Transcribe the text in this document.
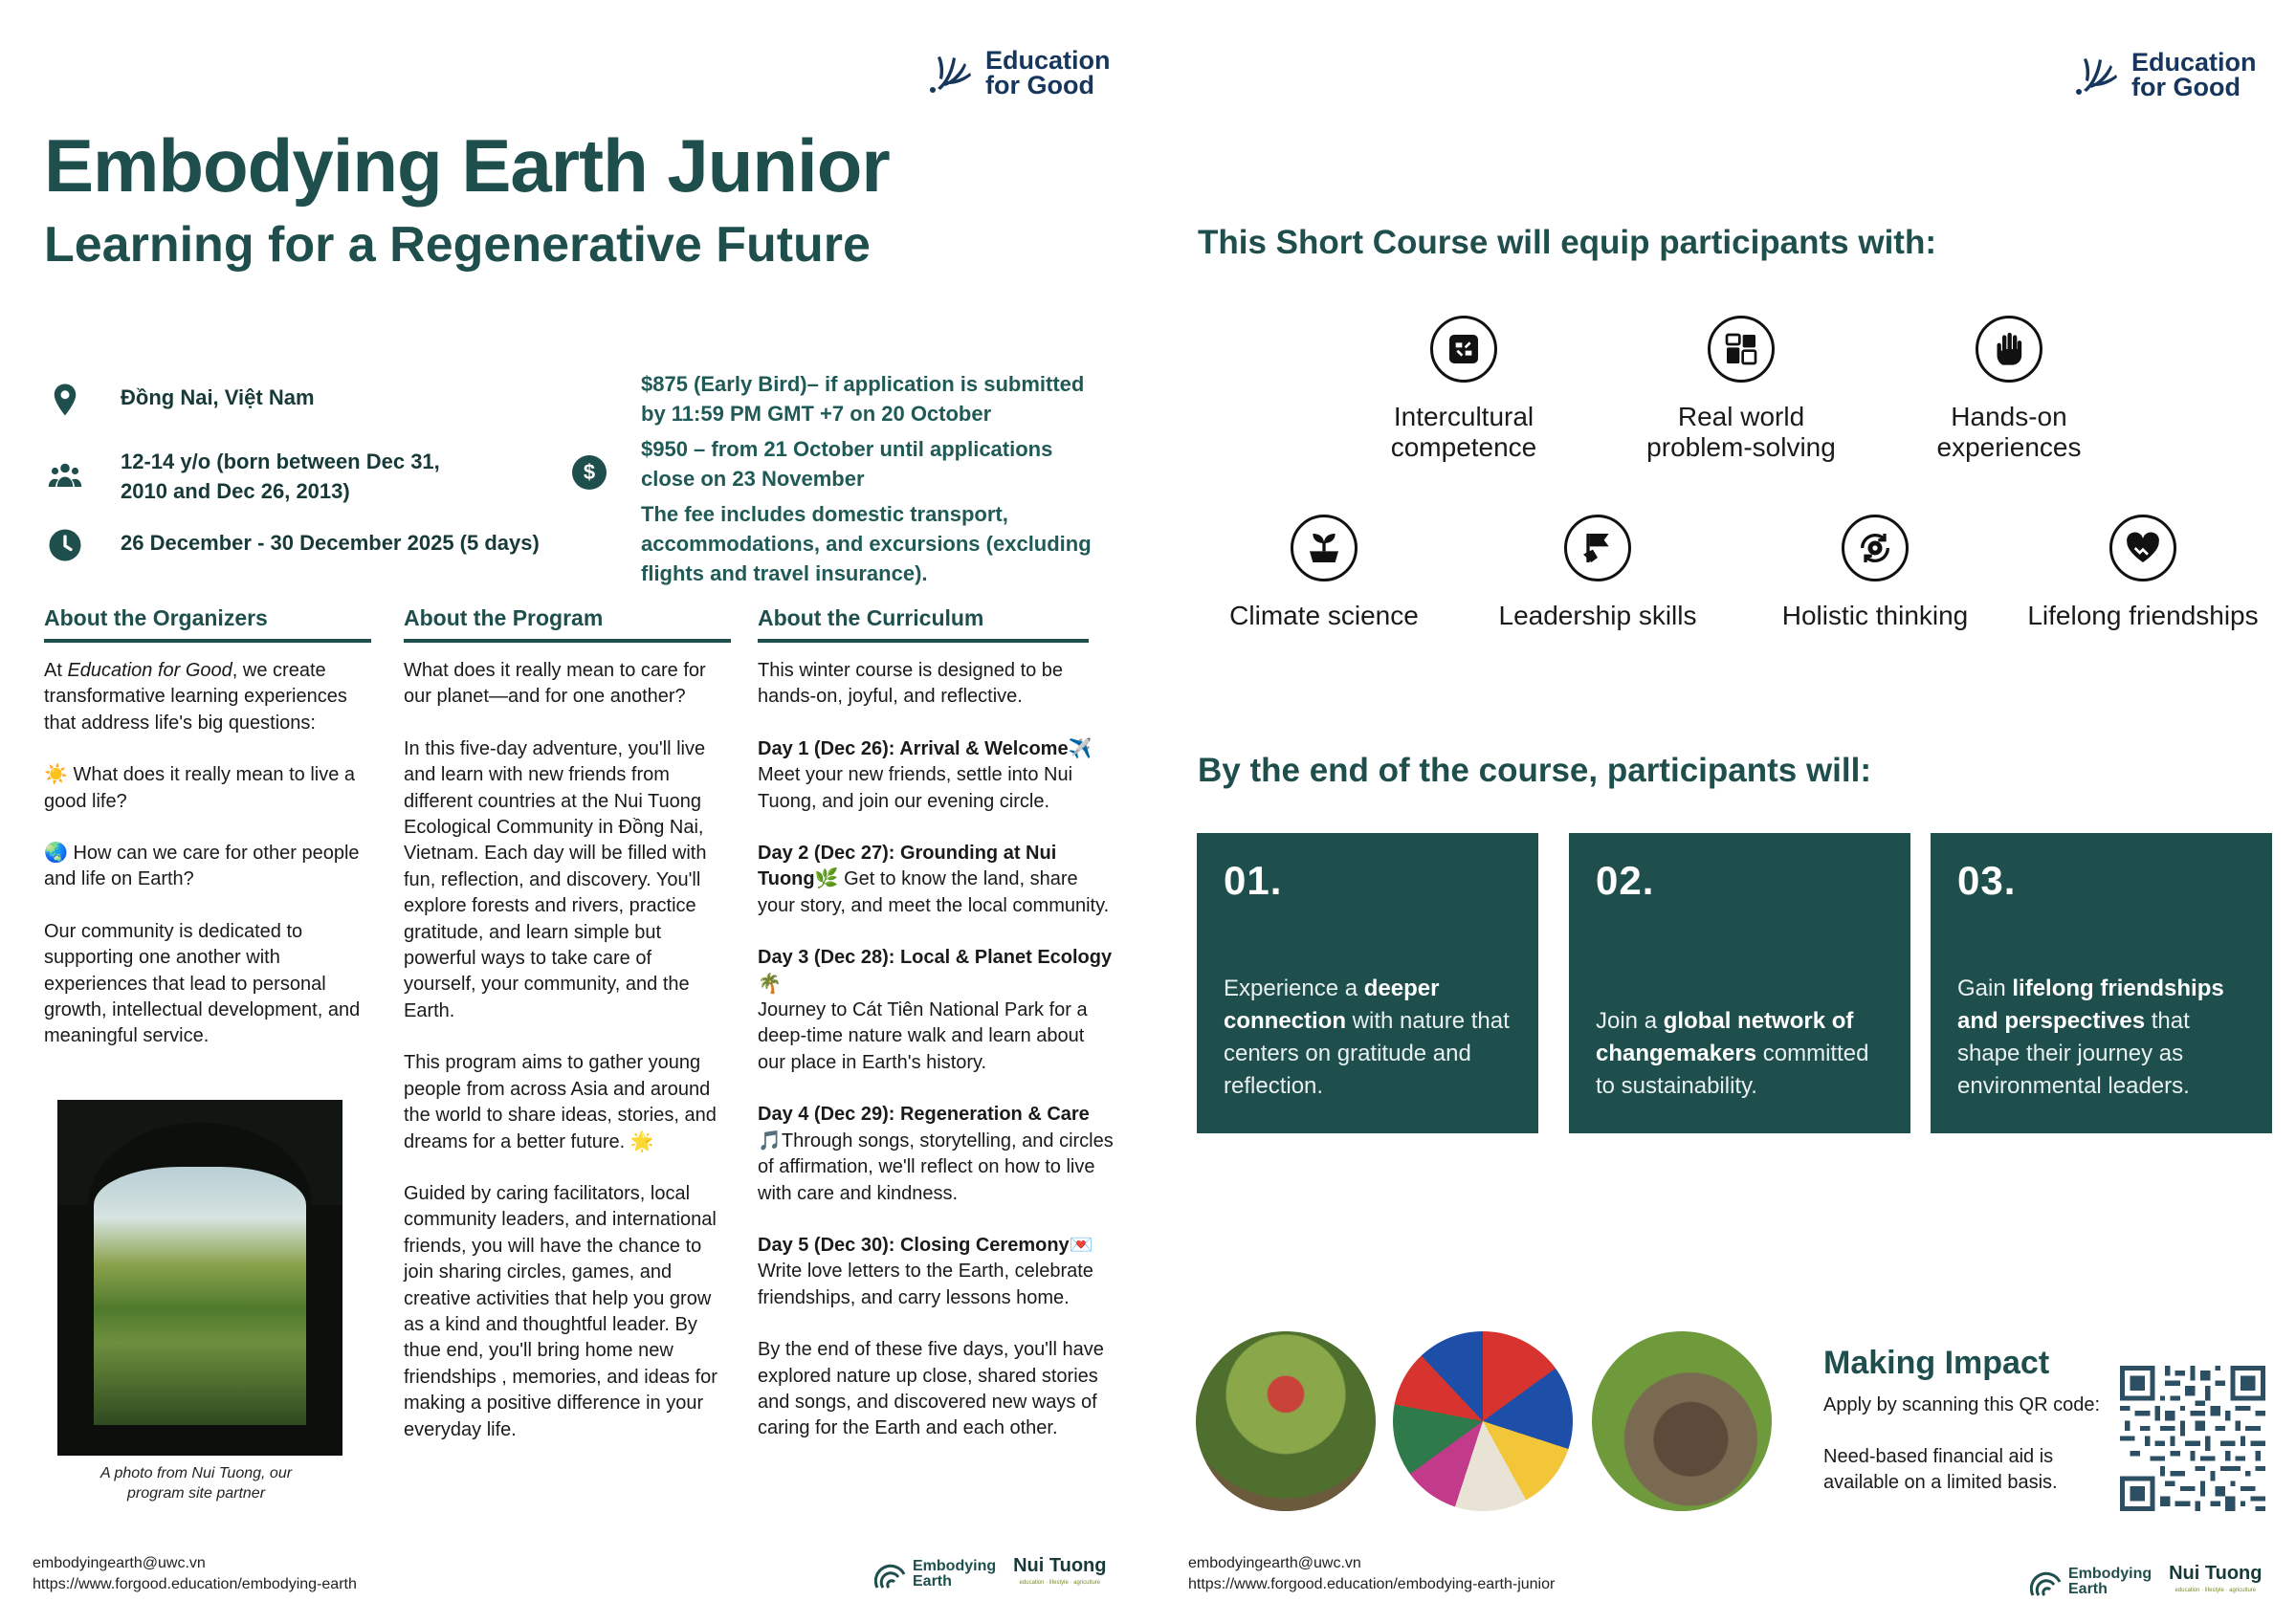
Education
for Good
Embodying Earth Junior
Learning for a Regenerative Future
Đồng Nai, Việt Nam
12-14 y/o (born between Dec 31, 2010 and Dec 26, 2013)
26 December - 30 December 2025 (5 days)
$

$875 (Early Bird)– if application is submitted by 11:59 PM GMT +7 on 20 October

$950 – from 21 October until applications close on 23 November

The fee includes domestic transport, accommodations, and excursions (excluding flights and travel insurance).

About the Organizers

At Education for Good, we create transformative learning experiences that address life's big questions:

☀️ What does it really mean to live a good life?

🌏 How can we care for other people and life on Earth?

Our community is dedicated to supporting one another with experiences that lead to personal growth, intellectual development, and meaningful service.

A photo from Nui Tuong, our program site partner
About the Program

What does it really mean to care for our planet—and for one another?

In this five-day adventure, you'll live and learn with new friends from different countries at the Nui Tuong Ecological Community in Đồng Nai, Vietnam. Each day will be filled with fun, reflection, and discovery. You'll explore forests and rivers, practice gratitude, and learn simple but powerful ways to take care of yourself, your community, and the Earth.

This program aims to gather young people from across Asia and around the world to share ideas, stories, and dreams for a better future. 🌟

Guided by caring facilitators, local community leaders, and international friends, you will have the chance to join sharing circles, games, and creative activities that help you grow as a kind and thoughtful leader. By thue end, you'll bring home new friendships , memories, and ideas for making a positive difference in your everyday life.

About the Curriculum

This winter course is designed to be hands-on, joyful, and reflective.

Day 1 (Dec 26): Arrival & Welcome✈️
Meet your new friends, settle into Nui Tuong, and join our evening circle.

Day 2 (Dec 27): Grounding at Nui Tuong🌿 Get to know the land, share your story, and meet the local community.

Day 3 (Dec 28): Local & Planet Ecology🌴
Journey to Cát Tiên National Park for a deep-time nature walk and learn about our place in Earth's history.

Day 4 (Dec 29): Regeneration & Care
🎵Through songs, storytelling, and circles of affirmation, we'll reflect on how to live with care and kindness.

Day 5 (Dec 30): Closing Ceremony💌
Write love letters to the Earth, celebrate friendships, and carry lessons home.

By the end of these five days, you'll have explored nature up close, shared stories and songs, and discovered new ways of caring for the Earth and each other.

embodyingearth@uwc.vn
https://www.forgood.education/embodying-earth
Embodying
Earth
Nui Tuong
education · lifestyle · agriculture
Education
for Good
This Short Course will equip participants with:
Intercultural competence
Real world problem-solving
Hands-on experiences
Climate science	Leadership skills	Holistic thinking	Lifelong friendships
By the end of the course, participants will:
01.
Experience a deeper connection with nature that centers on gratitude and reflection.
02.
Join a global network of changemakers committed to sustainability.
03.
Gain lifelong friendships and perspectives that shape their journey as environmental leaders.
Making Impact

Apply by scanning this QR code:

Need-based financial aid is available on a limited basis.

embodyingearth@uwc.vn
https://www.forgood.education/embodying-earth-junior
Embodying
Earth
Nui Tuong
education · lifestyle · agriculture
